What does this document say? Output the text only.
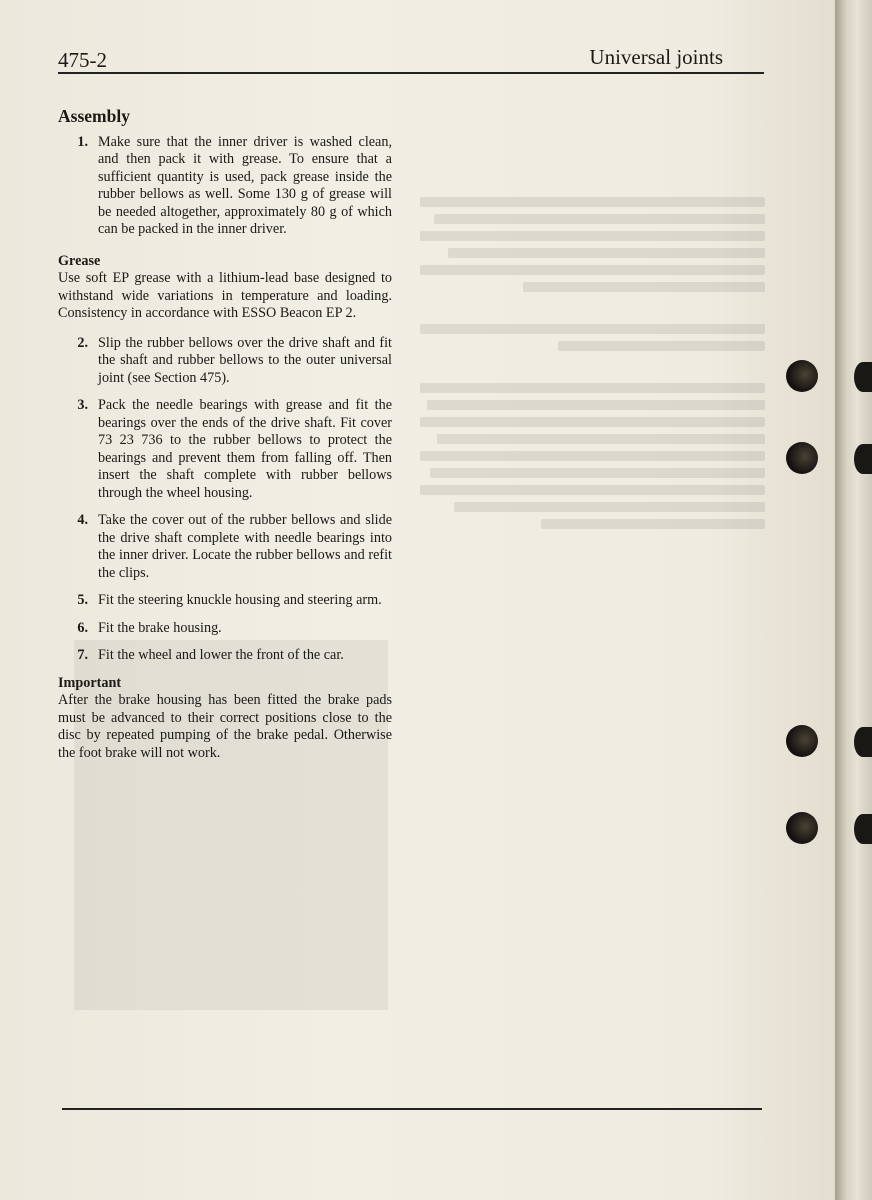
475-2	Universal joints
Assembly
1. Make sure that the inner driver is washed clean, and then pack it with grease. To ensure that a sufficient quantity is used, pack grease inside the rubber bellows as well. Some 130 g of grease will be needed altogether, approximately 80 g of which can be packed in the inner driver.

Grease

Use soft EP grease with a lithium-lead base designed to withstand wide variations in temperature and loading. Consistency in accordance with ESSO Beacon EP 2.

2. Slip the rubber bellows over the drive shaft and fit the shaft and rubber bellows to the outer universal joint (see Section 475).
3. Pack the needle bearings with grease and fit the bearings over the ends of the drive shaft. Fit cover 73 23 736 to the rubber bellows to protect the bearings and prevent them from falling off. Then insert the shaft complete with rubber bellows through the wheel housing.
4. Take the cover out of the rubber bellows and slide the drive shaft complete with needle bearings into the inner driver. Locate the rubber bellows and refit the clips.
5. Fit the steering knuckle housing and steering arm.
6. Fit the brake housing.
7. Fit the wheel and lower the front of the car.

Important

After the brake housing has been fitted the brake pads must be advanced to their correct positions close to the disc by repeated pumping of the brake pedal. Otherwise the foot brake will not work.
